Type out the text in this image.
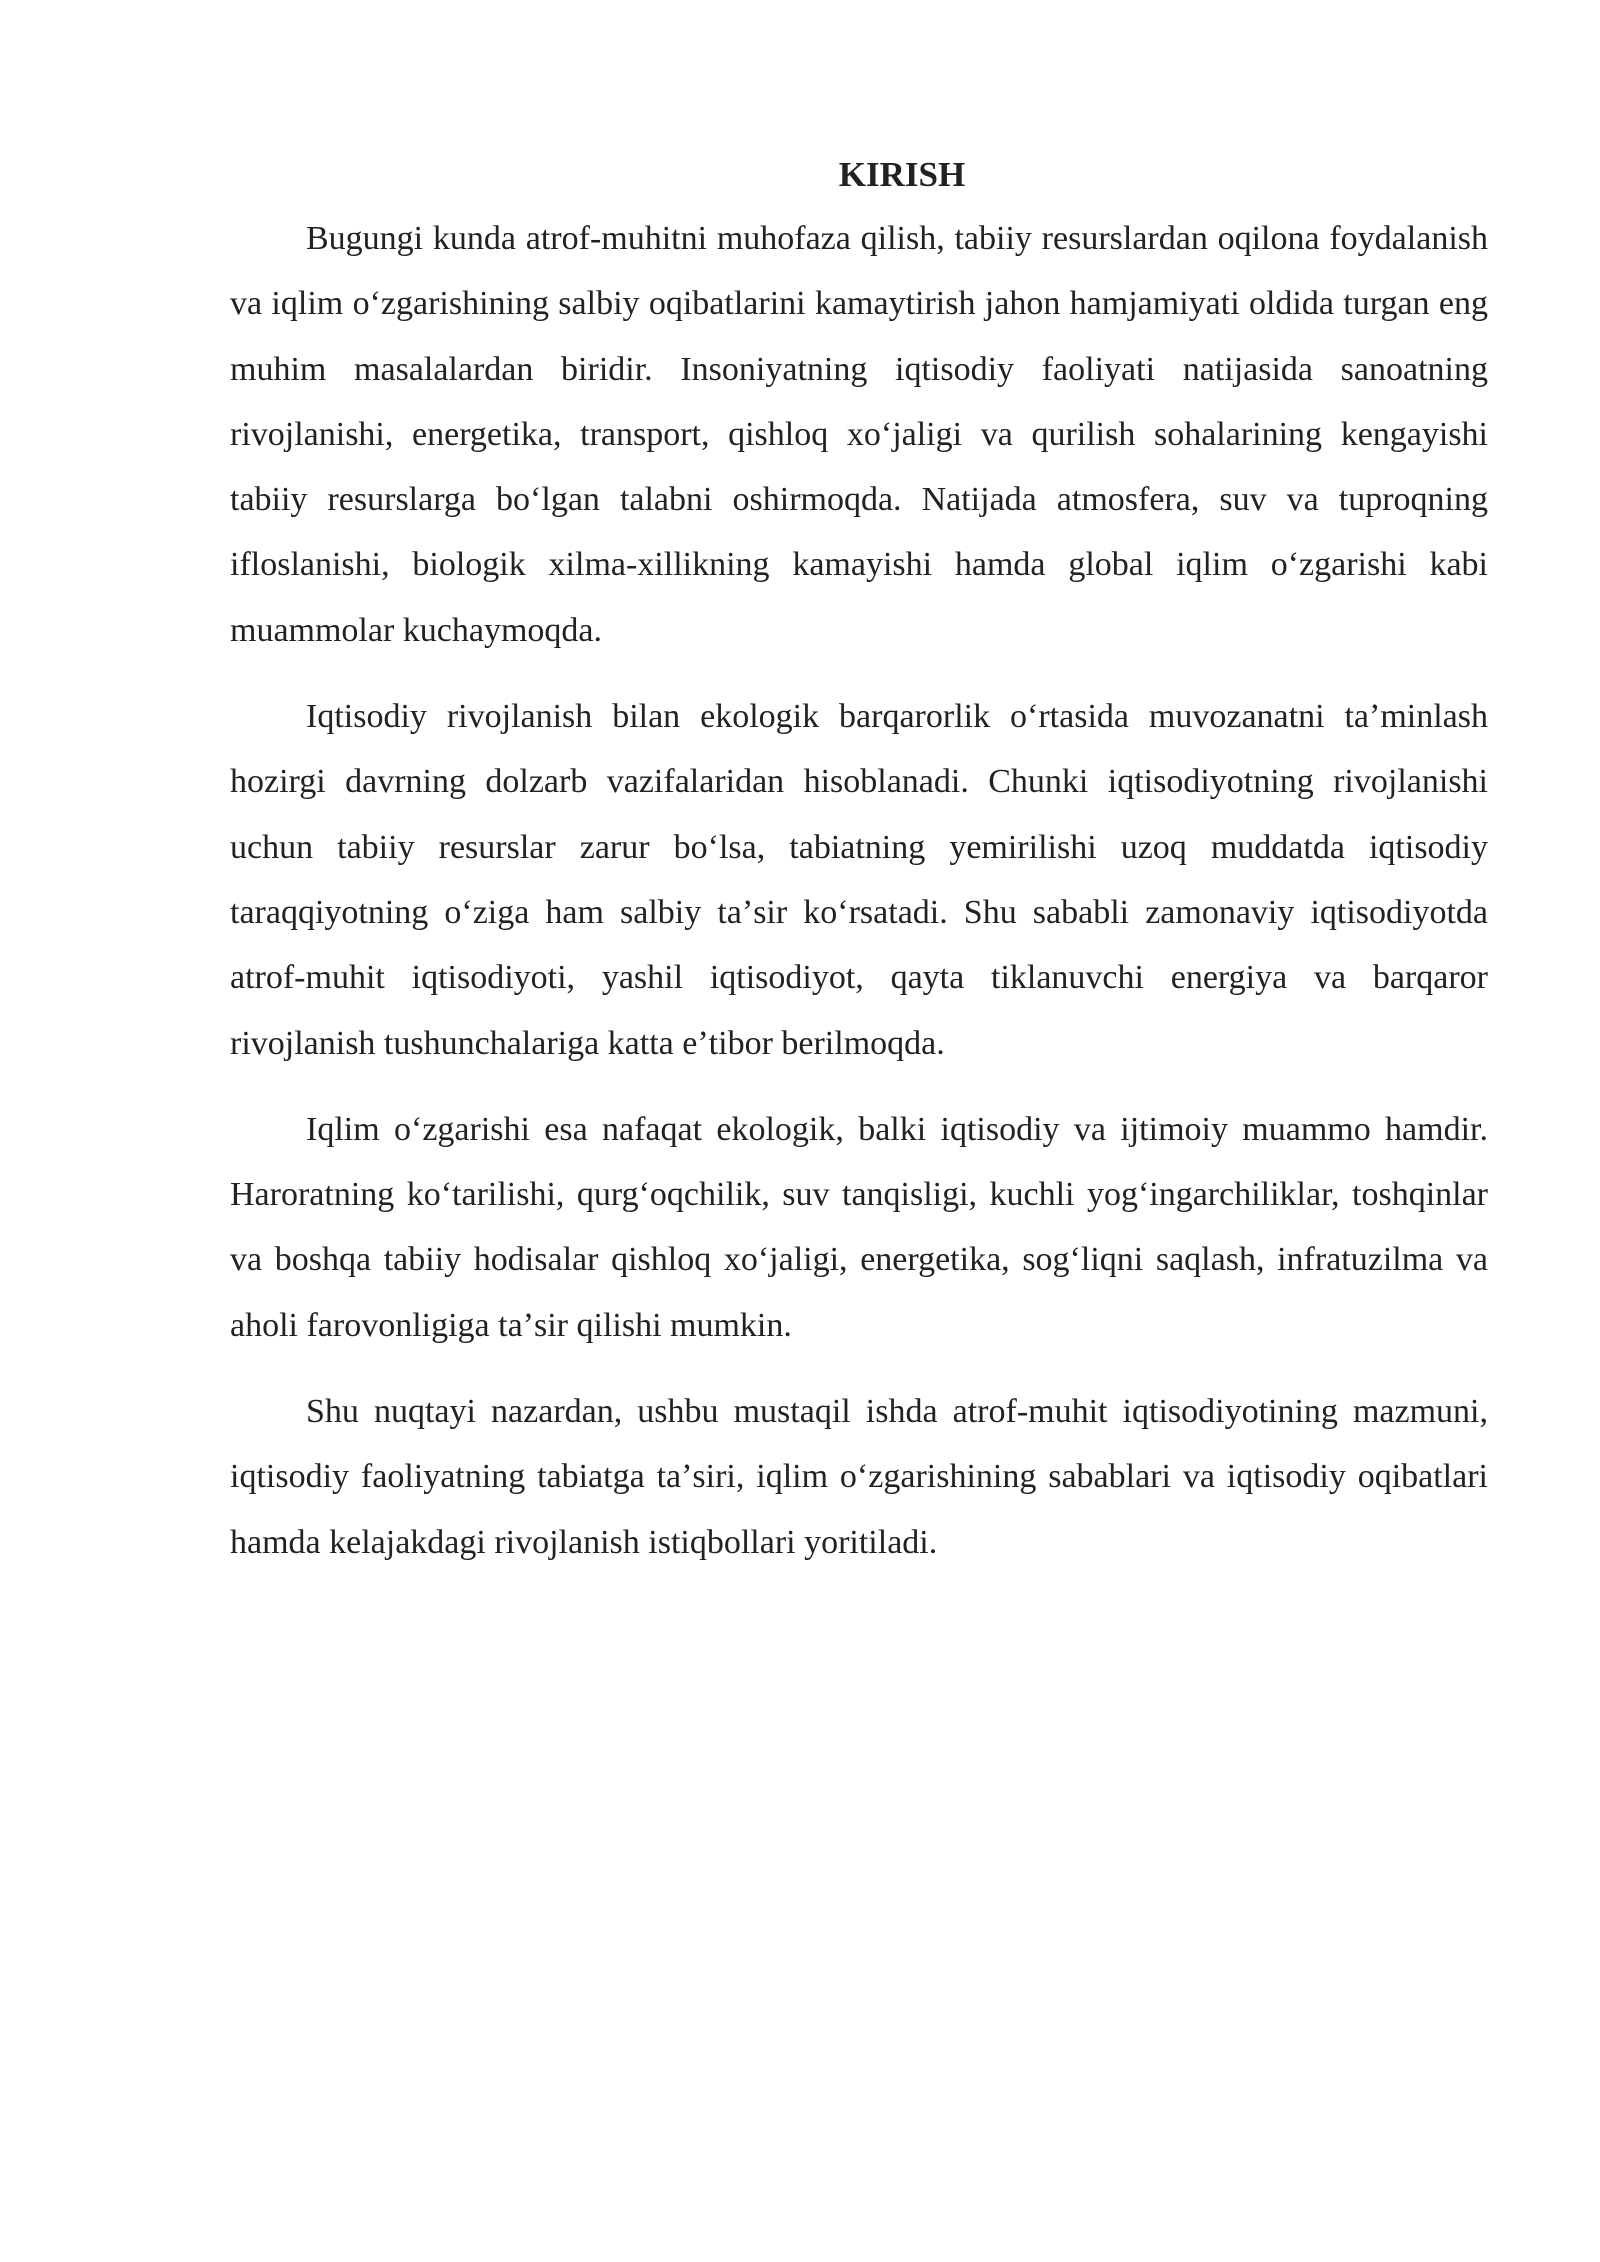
KIRISH

Bugungi kunda atrof-muhitni muhofaza qilish, tabiiy resurslardan oqilona foydalanish va iqlim oʻzgarishining salbiy oqibatlarini kamaytirish jahon hamjamiyati oldida turgan eng muhim masalalardan biridir. Insoniyatning iqtisodiy faoliyati natijasida sanoatning rivojlanishi, energetika, transport, qishloq xoʻjaligi va qurilish sohalarining kengayishi tabiiy resurslarga boʻlgan talabni oshirmoqda. Natijada atmosfera, suv va tuproqning ifloslanishi, biologik xilma-xillikning kamayishi hamda global iqlim oʻzgarishi kabi muammolar kuchaymoqda.

Iqtisodiy rivojlanish bilan ekologik barqarorlik oʻrtasida muvozanatni taʼminlash hozirgi davrning dolzarb vazifalaridan hisoblanadi. Chunki iqtisodiyotning rivojlanishi uchun tabiiy resurslar zarur boʻlsa, tabiatning yemirilishi uzoq muddatda iqtisodiy taraqqiyotning oʻziga ham salbiy taʼsir koʻrsatadi. Shu sababli zamonaviy iqtisodiyotda atrof-muhit iqtisodiyoti, yashil iqtisodiyot, qayta tiklanuvchi energiya va barqaror rivojlanish tushunchalariga katta eʼtibor berilmoqda.

Iqlim oʻzgarishi esa nafaqat ekologik, balki iqtisodiy va ijtimoiy muammo hamdir. Haroratning koʻtarilishi, qurgʻoqchilik, suv tanqisligi, kuchli yogʻingarchiliklar, toshqinlar va boshqa tabiiy hodisalar qishloq xoʻjaligi, energetika, sogʻliqni saqlash, infratuzilma va aholi farovonligiga taʼsir qilishi mumkin.

Shu nuqtayi nazardan, ushbu mustaqil ishda atrof-muhit iqtisodiyotining mazmuni, iqtisodiy faoliyatning tabiatga taʼsiri, iqlim oʻzgarishining sabablari va iqtisodiy oqibatlari hamda kelajakdagi rivojlanish istiqbollari yoritiladi.
